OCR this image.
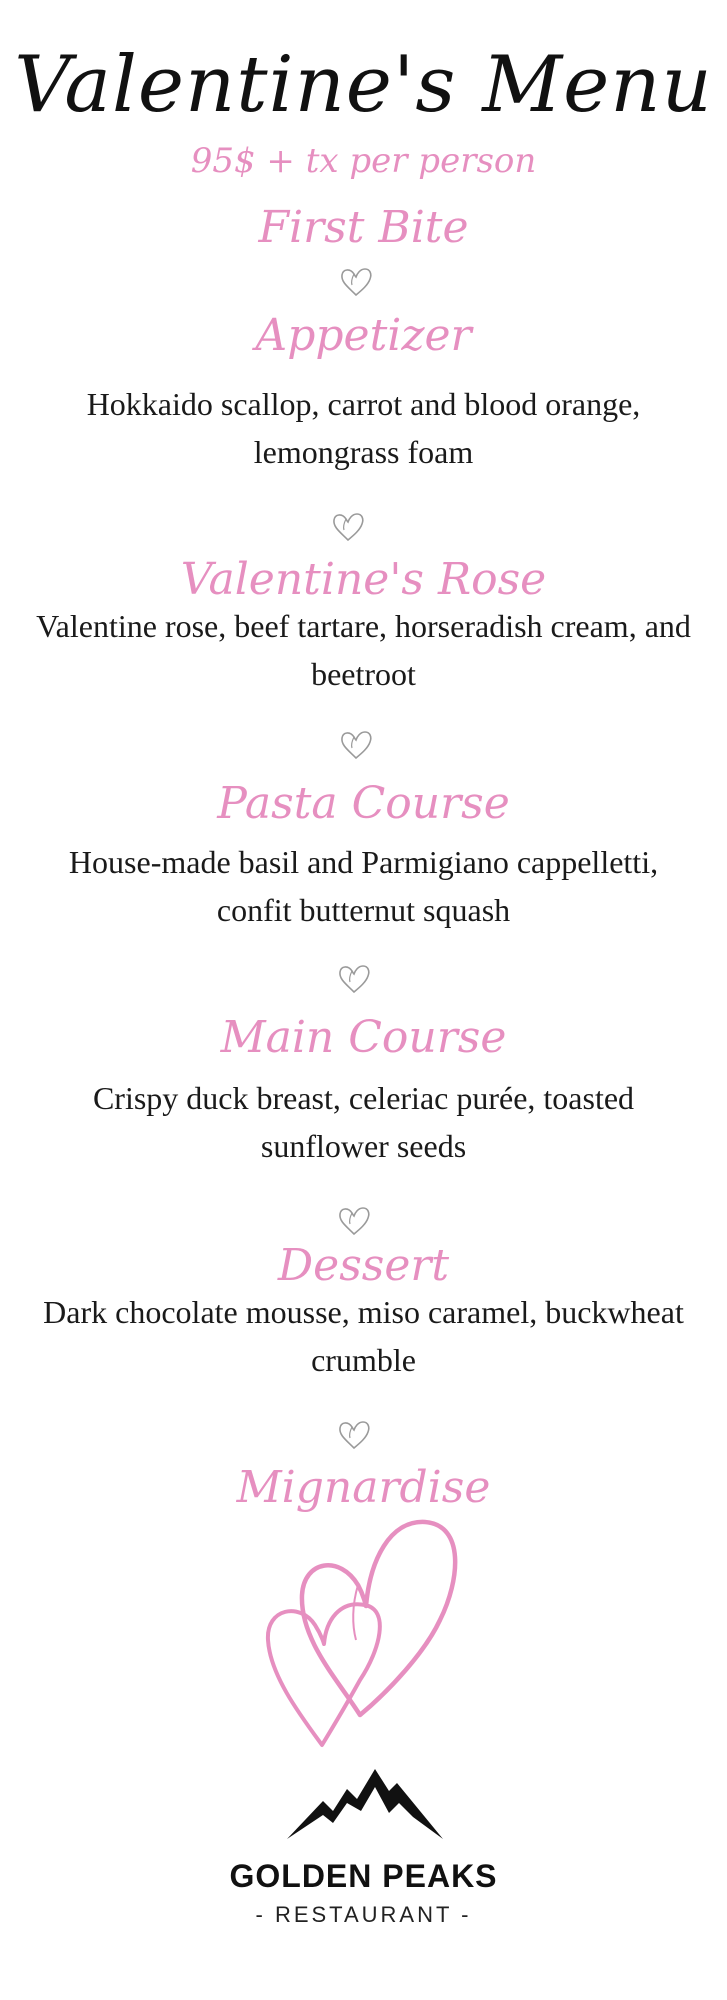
Valentine's Menu

95$ + tx per person

First Bite
Appetizer

Hokkaido scallop, carrot and blood orange, lemongrass foam

Valentine's Rose

Valentine rose, beef tartare, horseradish cream, and beetroot

Pasta Course

House-made basil and Parmigiano cappelletti, confit butternut squash

Main Course

Crispy duck breast, celeriac purée, toasted sunflower seeds

Dessert

Dark chocolate mousse, miso caramel, buckwheat crumble

Mignardise

GOLDEN PEAKS

- RESTAURANT -
